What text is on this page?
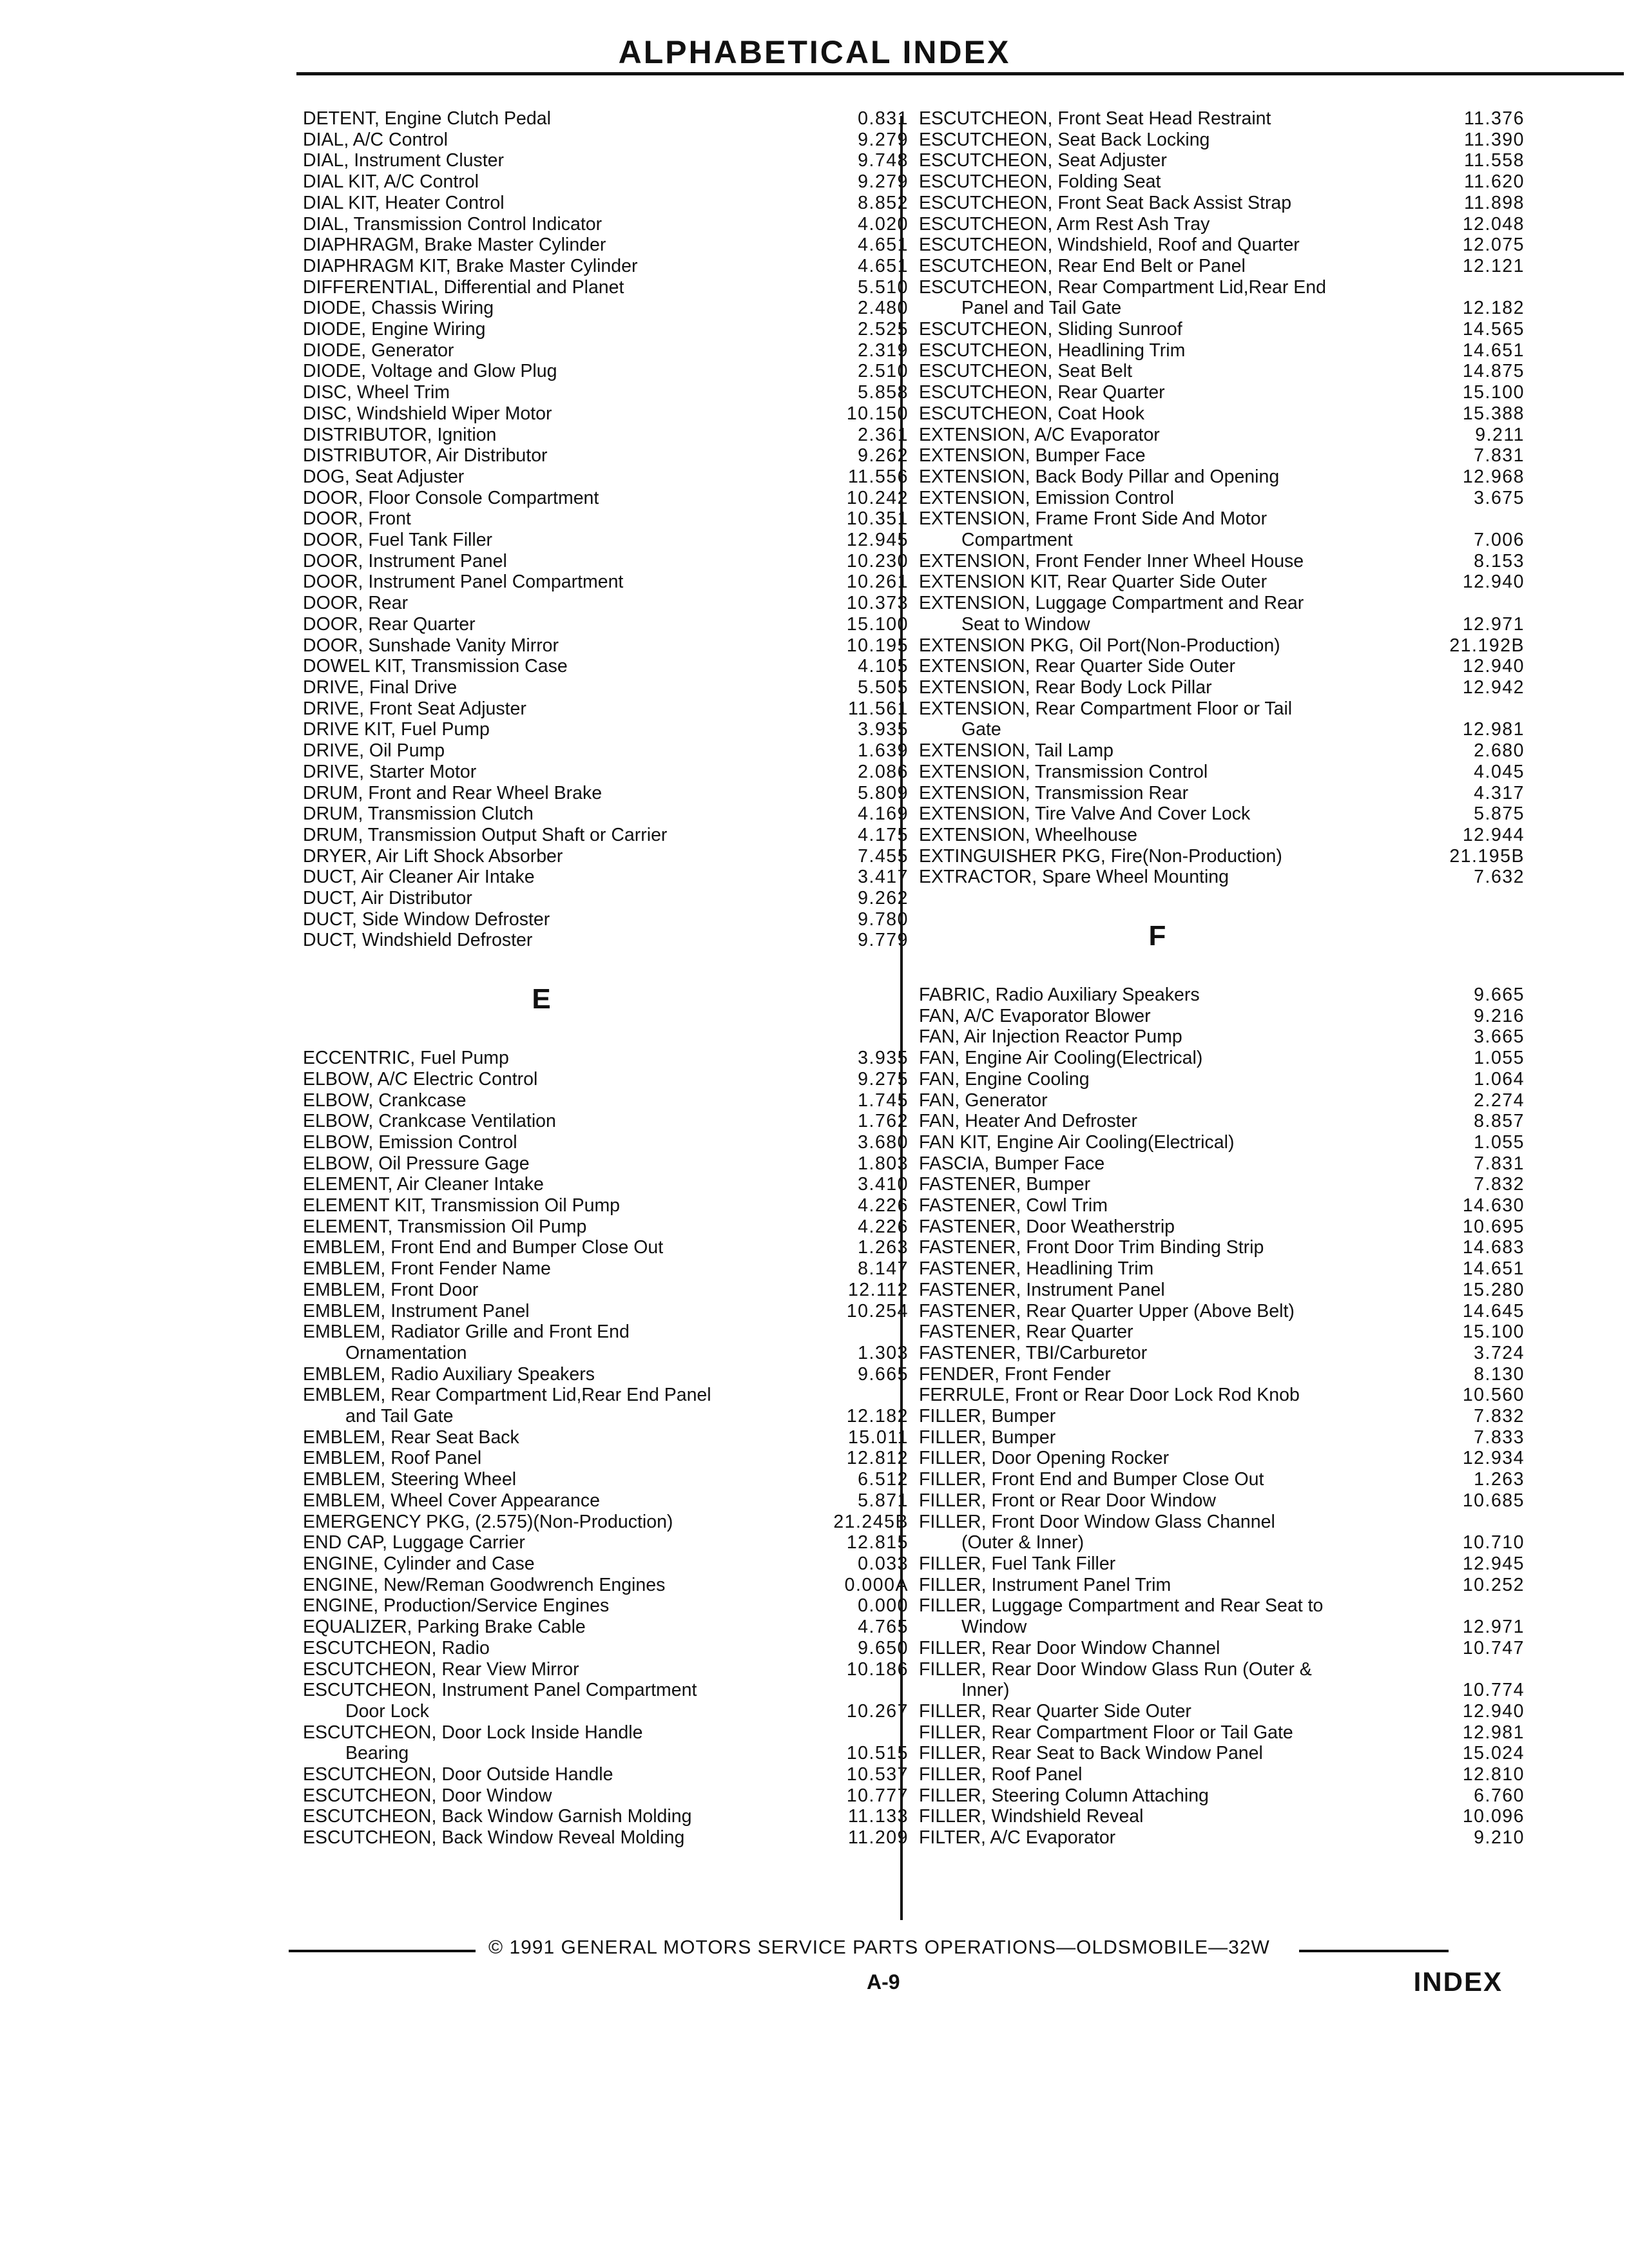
ALPHABETICAL INDEX
DETENT, Engine Clutch Pedal	0.831
DIAL, A/C Control	9.279
DIAL, Instrument Cluster	9.748
DIAL KIT, A/C Control	9.279
DIAL KIT, Heater Control	8.852
DIAL, Transmission Control Indicator	4.020
DIAPHRAGM, Brake Master Cylinder	4.651
DIAPHRAGM KIT, Brake Master Cylinder	4.651
DIFFERENTIAL, Differential and Planet	5.510
DIODE, Chassis Wiring	2.480
DIODE, Engine Wiring	2.525
DIODE, Generator	2.319
DIODE, Voltage and Glow Plug	2.510
DISC, Wheel Trim	5.858
DISC, Windshield Wiper Motor	10.150
DISTRIBUTOR, Ignition	2.361
DISTRIBUTOR, Air Distributor	9.262
DOG, Seat Adjuster	11.556
DOOR, Floor Console Compartment	10.242
DOOR, Front	10.351
DOOR, Fuel Tank Filler	12.945
DOOR, Instrument Panel	10.230
DOOR, Instrument Panel Compartment	10.261
DOOR, Rear	10.373
DOOR, Rear Quarter	15.100
DOOR, Sunshade Vanity Mirror	10.195
DOWEL KIT, Transmission Case	4.105
DRIVE, Final Drive	5.505
DRIVE, Front Seat Adjuster	11.561
DRIVE KIT, Fuel Pump	3.935
DRIVE, Oil Pump	1.639
DRIVE, Starter Motor	2.086
DRUM, Front and Rear Wheel Brake	5.809
DRUM, Transmission Clutch	4.169
DRUM, Transmission Output Shaft or Carrier	4.175
DRYER, Air Lift Shock Absorber	7.455
DUCT, Air Cleaner Air Intake	3.417
DUCT, Air Distributor	9.262
DUCT, Side Window Defroster	9.780
DUCT, Windshield Defroster	9.779
E
ECCENTRIC, Fuel Pump	3.935
ELBOW, A/C Electric Control	9.275
ELBOW, Crankcase	1.745
ELBOW, Crankcase Ventilation	1.762
ELBOW, Emission Control	3.680
ELBOW, Oil Pressure Gage	1.803
ELEMENT, Air Cleaner Intake	3.410
ELEMENT KIT, Transmission Oil Pump	4.226
ELEMENT, Transmission Oil Pump	4.226
EMBLEM, Front End and Bumper Close Out	1.263
EMBLEM, Front Fender Name	8.147
EMBLEM, Front Door	12.112
EMBLEM, Instrument Panel	10.254
EMBLEM, Radiator Grille and Front End
Ornamentation	1.303
EMBLEM, Radio Auxiliary Speakers	9.665
EMBLEM, Rear Compartment Lid,Rear End Panel
and Tail Gate	12.182
EMBLEM, Rear Seat Back	15.011
EMBLEM, Roof Panel	12.812
EMBLEM, Steering Wheel	6.512
EMBLEM, Wheel Cover Appearance	5.871
EMERGENCY PKG, (2.575)(Non-Production)	21.245B
END CAP, Luggage Carrier	12.815
ENGINE, Cylinder and Case	0.033
ENGINE, New/Reman Goodwrench Engines	0.000A
ENGINE, Production/Service Engines	0.000
EQUALIZER, Parking Brake Cable	4.765
ESCUTCHEON, Radio	9.650
ESCUTCHEON, Rear View Mirror	10.186
ESCUTCHEON, Instrument Panel Compartment
Door Lock	10.267
ESCUTCHEON, Door Lock Inside Handle
Bearing	10.515
ESCUTCHEON, Door Outside Handle	10.537
ESCUTCHEON, Door Window	10.777
ESCUTCHEON, Back Window Garnish Molding	11.133
ESCUTCHEON, Back Window Reveal Molding	11.209
ESCUTCHEON, Front Seat Head Restraint	11.376
ESCUTCHEON, Seat Back Locking	11.390
ESCUTCHEON, Seat Adjuster	11.558
ESCUTCHEON, Folding Seat	11.620
ESCUTCHEON, Front Seat Back Assist Strap	11.898
ESCUTCHEON, Arm Rest Ash Tray	12.048
ESCUTCHEON, Windshield, Roof and Quarter	12.075
ESCUTCHEON, Rear End Belt or Panel	12.121
ESCUTCHEON, Rear Compartment Lid,Rear End
Panel and Tail Gate	12.182
ESCUTCHEON, Sliding Sunroof	14.565
ESCUTCHEON, Headlining Trim	14.651
ESCUTCHEON, Seat Belt	14.875
ESCUTCHEON, Rear Quarter	15.100
ESCUTCHEON, Coat Hook	15.388
EXTENSION, A/C Evaporator	9.211
EXTENSION, Bumper Face	7.831
EXTENSION, Back Body Pillar and Opening	12.968
EXTENSION, Emission Control	3.675
EXTENSION, Frame Front Side And Motor
Compartment	7.006
EXTENSION, Front Fender Inner Wheel House	8.153
EXTENSION KIT, Rear Quarter Side Outer	12.940
EXTENSION, Luggage Compartment and Rear
Seat to Window	12.971
EXTENSION PKG, Oil Port(Non-Production)	21.192B
EXTENSION, Rear Quarter Side Outer	12.940
EXTENSION, Rear Body Lock Pillar	12.942
EXTENSION, Rear Compartment Floor or Tail
Gate	12.981
EXTENSION, Tail Lamp	2.680
EXTENSION, Transmission Control	4.045
EXTENSION, Transmission Rear	4.317
EXTENSION, Tire Valve And Cover Lock	5.875
EXTENSION, Wheelhouse	12.944
EXTINGUISHER PKG, Fire(Non-Production)	21.195B
EXTRACTOR, Spare Wheel Mounting	7.632
F
FABRIC, Radio Auxiliary Speakers	9.665
FAN, A/C Evaporator Blower	9.216
FAN, Air Injection Reactor Pump	3.665
FAN, Engine Air Cooling(Electrical)	1.055
FAN, Engine Cooling	1.064
FAN, Generator	2.274
FAN, Heater And Defroster	8.857
FAN KIT, Engine Air Cooling(Electrical)	1.055
FASCIA, Bumper Face	7.831
FASTENER, Bumper	7.832
FASTENER, Cowl Trim	14.630
FASTENER, Door Weatherstrip	10.695
FASTENER, Front Door Trim Binding Strip	14.683
FASTENER, Headlining Trim	14.651
FASTENER, Instrument Panel	15.280
FASTENER, Rear Quarter Upper (Above Belt)	14.645
FASTENER, Rear Quarter	15.100
FASTENER, TBI/Carburetor	3.724
FENDER, Front Fender	8.130
FERRULE, Front or Rear Door Lock Rod Knob	10.560
FILLER, Bumper	7.832
FILLER, Bumper	7.833
FILLER, Door Opening Rocker	12.934
FILLER, Front End and Bumper Close Out	1.263
FILLER, Front or Rear Door Window	10.685
FILLER, Front Door Window Glass Channel
(Outer & Inner)	10.710
FILLER, Fuel Tank Filler	12.945
FILLER, Instrument Panel Trim	10.252
FILLER, Luggage Compartment and Rear Seat to
Window	12.971
FILLER, Rear Door Window Channel	10.747
FILLER, Rear Door Window Glass Run (Outer &
Inner)	10.774
FILLER, Rear Quarter Side Outer	12.940
FILLER, Rear Compartment Floor or Tail Gate	12.981
FILLER, Rear Seat to Back Window Panel	15.024
FILLER, Roof Panel	12.810
FILLER, Steering Column Attaching	6.760
FILLER, Windshield Reveal	10.096
FILTER, A/C Evaporator	9.210
© 1991 GENERAL MOTORS SERVICE PARTS OPERATIONS—OLDSMOBILE—32W
A-9	INDEX
